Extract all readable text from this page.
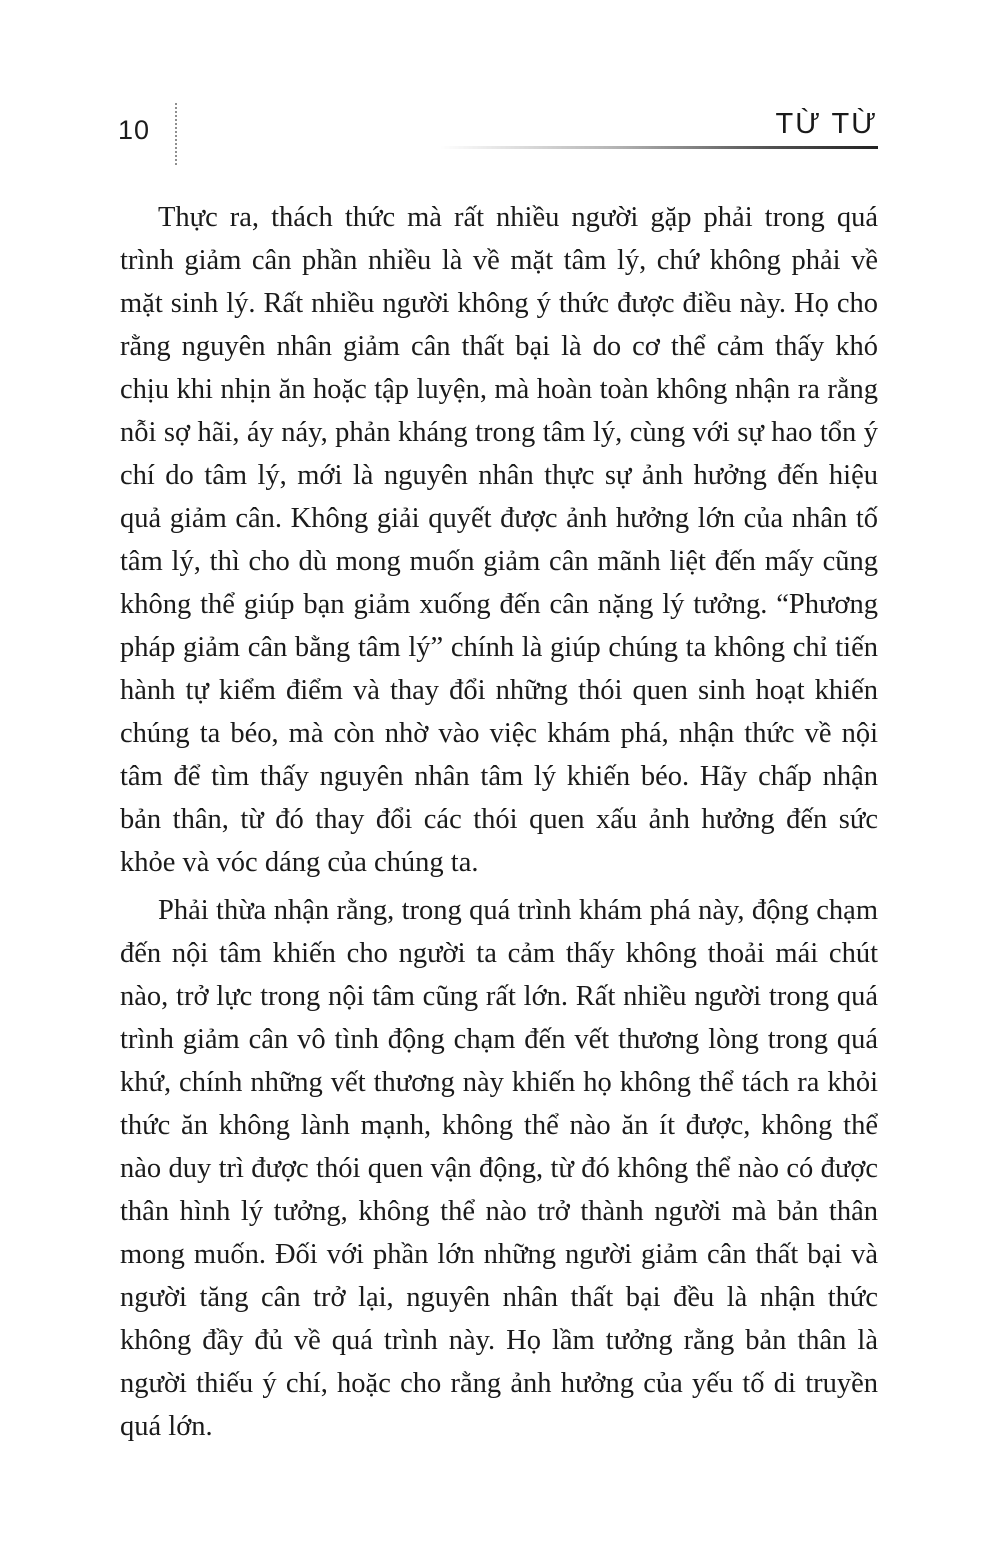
10	TỪ TỪ

Thực ra, thách thức mà rất nhiều người gặp phải trong quá trình giảm cân phần nhiều là về mặt tâm lý, chứ không phải về mặt sinh lý. Rất nhiều người không ý thức được điều này. Họ cho rằng nguyên nhân giảm cân thất bại là do cơ thể cảm thấy khó chịu khi nhịn ăn hoặc tập luyện, mà hoàn toàn không nhận ra rằng nỗi sợ hãi, áy náy, phản kháng trong tâm lý, cùng với sự hao tổn ý chí do tâm lý, mới là nguyên nhân thực sự ảnh hưởng đến hiệu quả giảm cân. Không giải quyết được ảnh hưởng lớn của nhân tố tâm lý, thì cho dù mong muốn giảm cân mãnh liệt đến mấy cũng không thể giúp bạn giảm xuống đến cân nặng lý tưởng. “Phương pháp giảm cân bằng tâm lý” chính là giúp chúng ta không chỉ tiến hành tự kiểm điểm và thay đổi những thói quen sinh hoạt khiến chúng ta béo, mà còn nhờ vào việc khám phá, nhận thức về nội tâm để tìm thấy nguyên nhân tâm lý khiến béo. Hãy chấp nhận bản thân, từ đó thay đổi các thói quen xấu ảnh hưởng đến sức khỏe và vóc dáng của chúng ta.

Phải thừa nhận rằng, trong quá trình khám phá này, động chạm đến nội tâm khiến cho người ta cảm thấy không thoải mái chút nào, trở lực trong nội tâm cũng rất lớn. Rất nhiều người trong quá trình giảm cân vô tình động chạm đến vết thương lòng trong quá khứ, chính những vết thương này khiến họ không thể tách ra khỏi thức ăn không lành mạnh, không thể nào ăn ít được, không thể nào duy trì được thói quen vận động, từ đó không thể nào có được thân hình lý tưởng, không thể nào trở thành người mà bản thân mong muốn. Đối với phần lớn những người giảm cân thất bại và người tăng cân trở lại, nguyên nhân thất bại đều là nhận thức không đầy đủ về quá trình này. Họ lầm tưởng rằng bản thân là người thiếu ý chí, hoặc cho rằng ảnh hưởng của yếu tố di truyền quá lớn.
